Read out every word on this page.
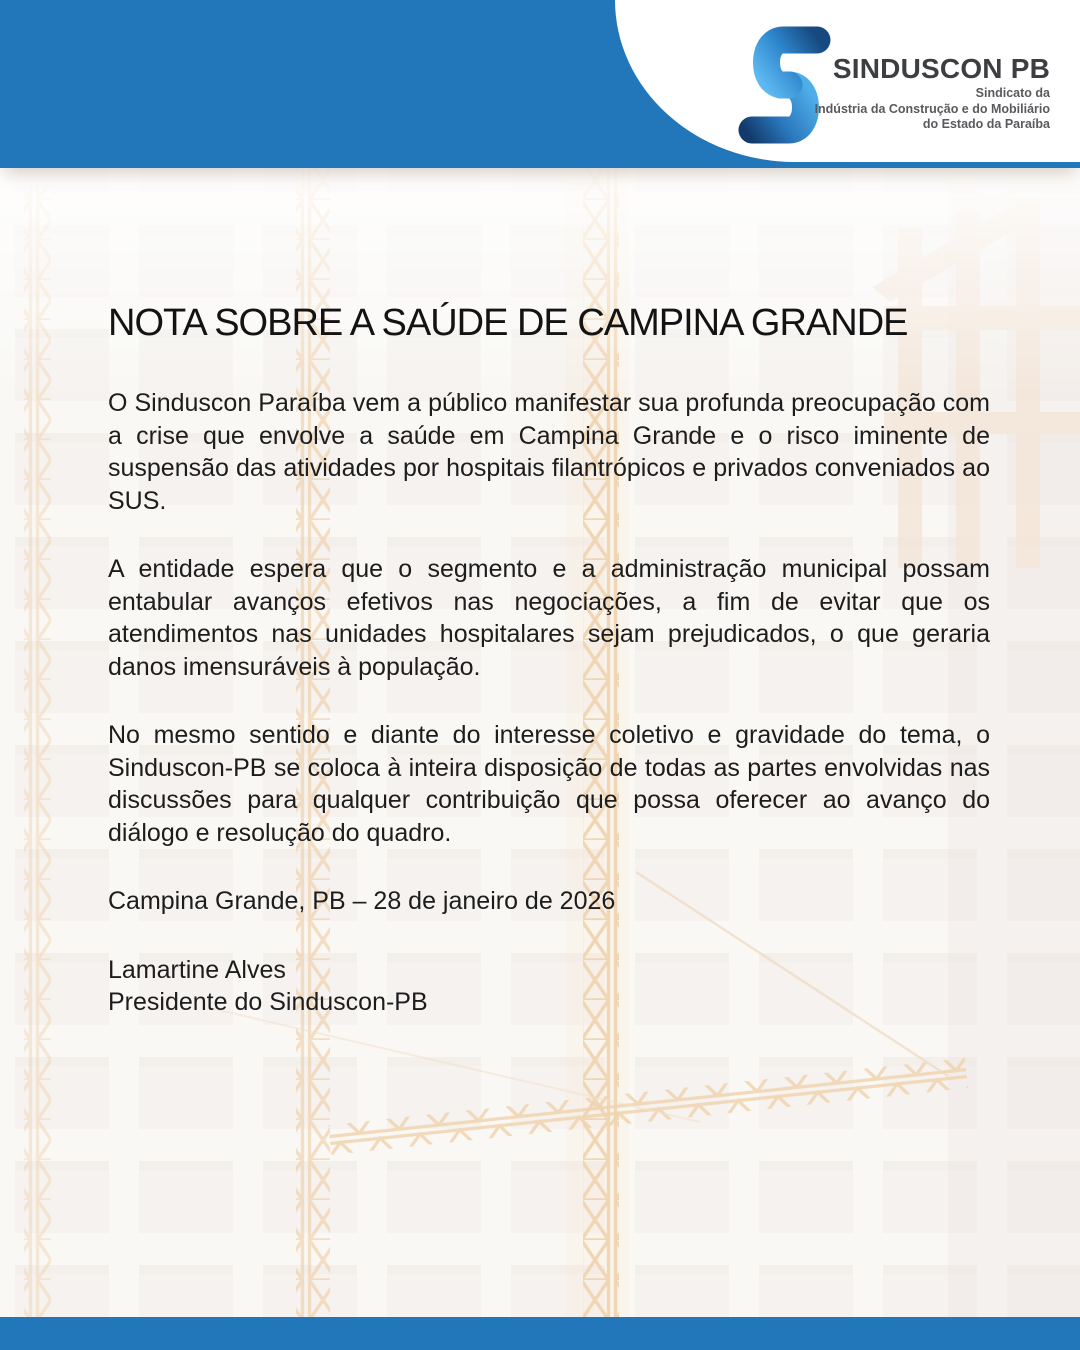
SINDUSCON PB
Sindicato da
Indústria da Construção e do Mobiliário
do Estado da Paraíba
NOTA SOBRE A SAÚDE DE CAMPINA GRANDE

O Sinduscon Paraíba vem a público manifestar sua profunda preocupação com a crise que envolve a saúde em Campina Grande e o risco iminente de suspensão das atividades por hospitais filantrópicos e privados conveniados ao SUS.

A entidade espera que o segmento e a administração municipal possam entabular avanços efetivos nas negociações, a fim de evitar que os atendimentos nas unidades hospitalares sejam prejudicados, o que geraria danos imensuráveis à população.

No mesmo sentido e diante do interesse coletivo e gravidade do tema, o Sinduscon-PB se coloca à inteira disposição de todas as partes envolvidas nas discussões para qualquer contribuição que possa oferecer ao avanço do diálogo e resolução do quadro.

Campina Grande, PB – 28 de janeiro de 2026

Lamartine Alves

Presidente do Sinduscon-PB
